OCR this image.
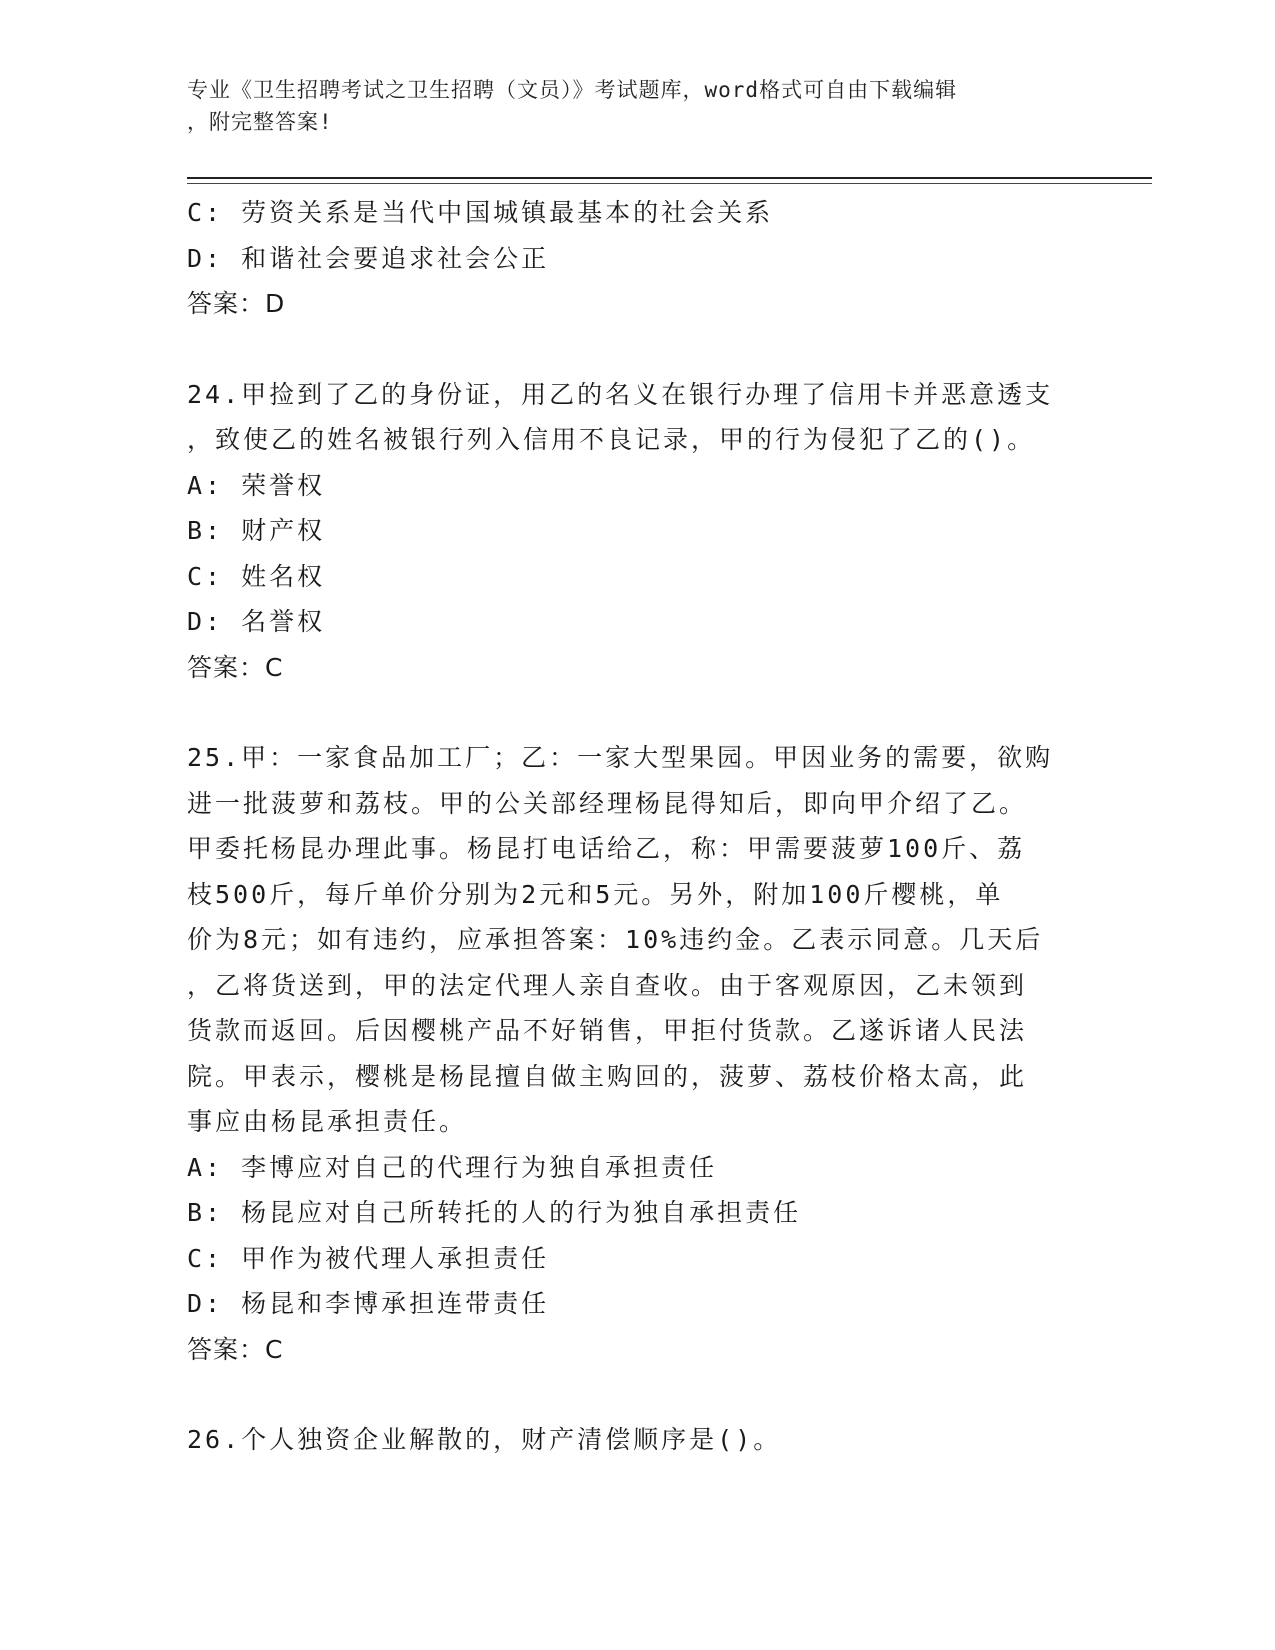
专业《卫生招聘考试之卫生招聘（文员）》考试题库，word格式可自由下载编辑
，附完整答案!
C: 劳资关系是当代中国城镇最基本的社会关系
D: 和谐社会要追求社会公正
答案：D
24.甲捡到了乙的身份证，用乙的名义在银行办理了信用卡并恶意透支
，致使乙的姓名被银行列入信用不良记录，甲的行为侵犯了乙的()。
A: 荣誉权
B: 财产权
C: 姓名权
D: 名誉权
答案：C
25.甲：一家食品加工厂；乙：一家大型果园。甲因业务的需要，欲购
进一批菠萝和荔枝。甲的公关部经理杨昆得知后，即向甲介绍了乙。
甲委托杨昆办理此事。杨昆打电话给乙，称：甲需要菠萝100斤、荔
枝500斤，每斤单价分别为2元和5元。另外，附加100斤樱桃，单
价为8元；如有违约，应承担答案：10%违约金。乙表示同意。几天后
，乙将货送到，甲的法定代理人亲自查收。由于客观原因，乙未领到
货款而返回。后因樱桃产品不好销售，甲拒付货款。乙遂诉诸人民法
院。甲表示，樱桃是杨昆擅自做主购回的，菠萝、荔枝价格太高，此
事应由杨昆承担责任。
A: 李博应对自己的代理行为独自承担责任
B: 杨昆应对自己所转托的人的行为独自承担责任
C: 甲作为被代理人承担责任
D: 杨昆和李博承担连带责任
答案：C
26.个人独资企业解散的，财产清偿顺序是()。
